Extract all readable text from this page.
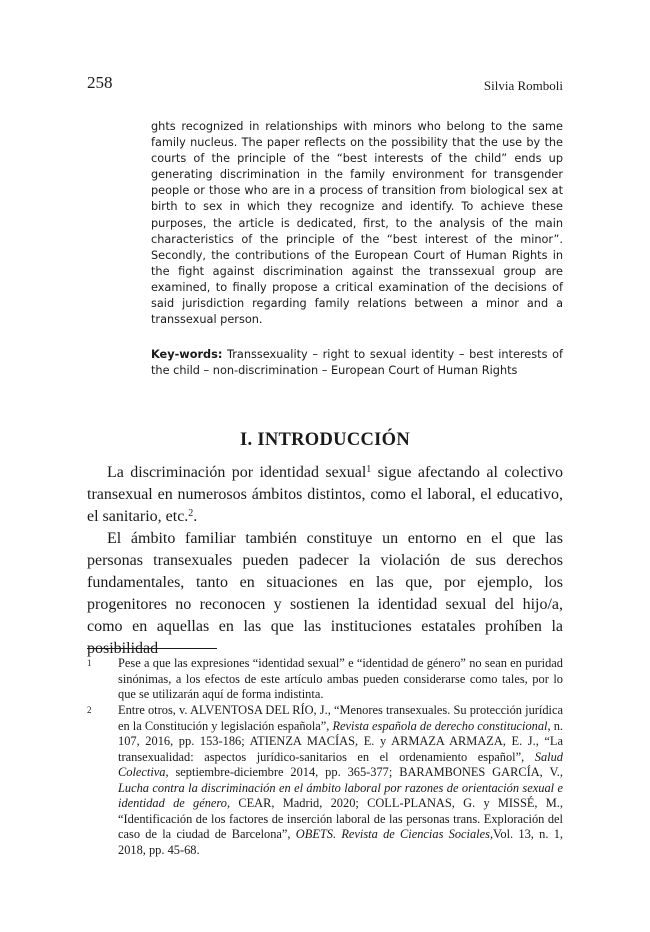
258	Silvia Romboli

ghts recognized in relationships with minors who belong to the same family nucleus. The paper reflects on the possibility that the use by the courts of the principle of the “best interests of the child” ends up generating discrimination in the family environment for transgender people or those who are in a process of transition from biological sex at birth to sex in which they recognize and identify. To achieve these purposes, the article is dedicated, first, to the analysis of the main characteristics of the principle of the “best interest of the minor”. Secondly, the contributions of the European Court of Human Rights in the fight against discrimination against the transsexual group are examined, to finally propose a critical examination of the decisions of said jurisdiction regarding family relations between a minor and a transsexual person.

Key-words: Transsexuality – right to sexual identity – best interests of the child – non-discrimination – European Court of Human Rights

I. INTRODUCCIÓN

La discriminación por identidad sexual$^1$ sigue afectando al colectivo transexual en numerosos ámbitos distintos, como el laboral, el educativo, el sanitario, etc.$^2$.

El ámbito familiar también constituye un entorno en el que las personas transexuales pueden padecer la violación de sus derechos fundamentales, tanto en situaciones en las que, por ejemplo, los progenitores no reconocen y sostienen la identidad sexual del hijo/a, como en aquellas en las que las instituciones estatales prohíben la posibilidad

1 Pese a que las expresiones “identidad sexual” e “identidad de género” no sean en puridad sinónimas, a los efectos de este artículo ambas pueden considerarse como tales, por lo que se utilizarán aquí de forma indistinta.
2 Entre otros, v. ALVENTOSA DEL RÍO, J., “Menores transexuales. Su protección jurídica en la Constitución y legislación española”, Revista española de derecho constitucional, n. 107, 2016, pp. 153-186; ATIENZA MACÍAS, E. y ARMAZA ARMAZA, E. J., “La transexualidad: aspectos jurídico-sanitarios en el ordenamiento español”, Salud Colectiva, septiembre-diciembre 2014, pp. 365-377; BARAMBONES GARCÍA, V., Lucha contra la discriminación en el ámbito laboral por razones de orientación sexual e identidad de género, CEAR, Madrid, 2020; COLL-PLANAS, G. y MISSÉ, M., “Identificación de los factores de inserción laboral de las personas trans. Exploración del caso de la ciudad de Barcelona”, OBETS. Revista de Ciencias Sociales,Vol. 13, n. 1, 2018, pp. 45-68.
